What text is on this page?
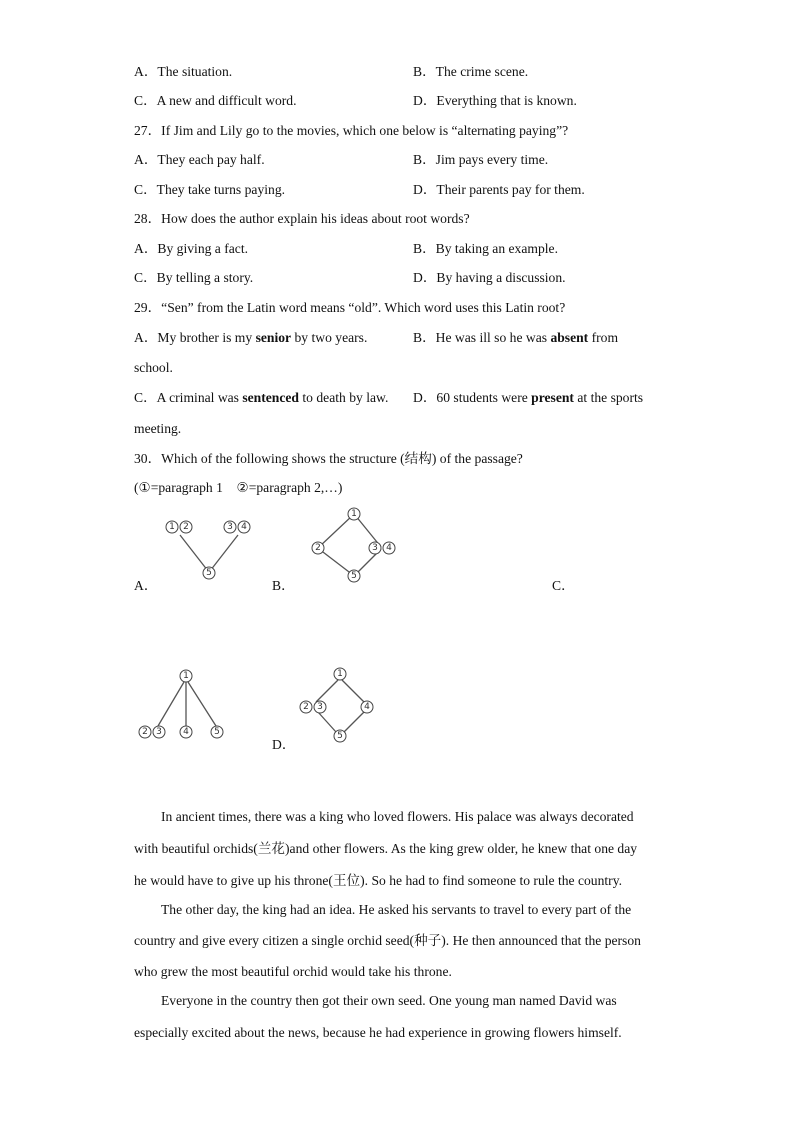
A．The situation.	B．The crime scene.
C．A new and difficult word.	D．Everything that is known.
27．If Jim and Lily go to the movies, which one below is “alternating paying”?
A．They each pay half.	B．Jim pays every time.
C．They take turns paying.	D．Their parents pay for them.
28．How does the author explain his ideas about root words?
A．By giving a fact.	B．By taking an example.
C．By telling a story.	D．By having a discussion.
29．“Sen” from the Latin word means “old”. Which word uses this Latin root?
A．My brother is my senior by two years.	B．He was ill so he was absent from
school.
C．A criminal was sentenced to death by law. D．60 students were present at the sports
meeting.
30．Which of the following shows the structure (结构) of the passage?
(①=paragraph 1　②=paragraph 2,…)
1 2	3 4
5
A．
1
2	3 4
5
B．	C．
1
2 3 4	5
1
2 3	4
5
D．
In ancient times, there was a king who loved flowers. His palace was always decorated
with beautiful orchids(兰花)and other flowers. As the king grew older, he knew that one day
he would have to give up his throne(王位). So he had to find someone to rule the country.
The other day, the king had an idea. He asked his servants to travel to every part of the
country and give every citizen a single orchid seed(种子). He then announced that the person
who grew the most beautiful orchid would take his throne.
Everyone in the country then got their own seed. One young man named David was
especially excited about the news, because he had experience in growing flowers himself.
